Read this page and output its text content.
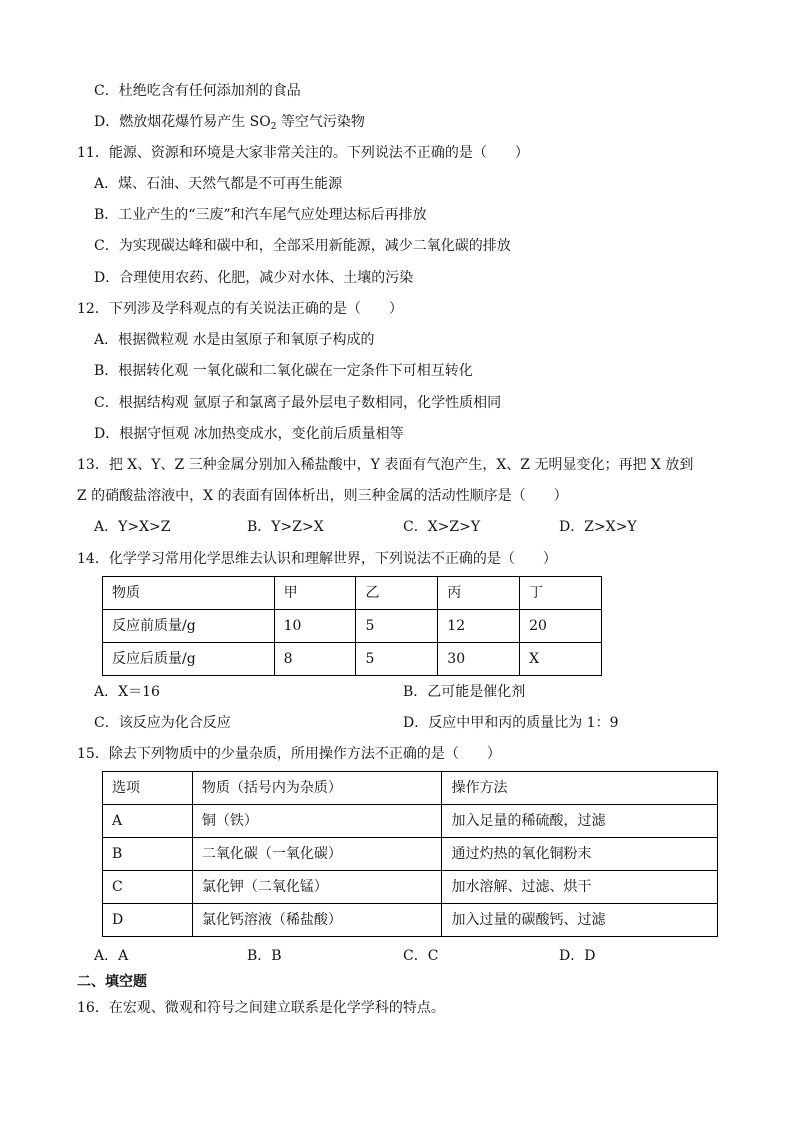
C．杜绝吃含有任何添加剂的食品
D．燃放烟花爆竹易产生 $SO_2$ 等空气污染物
11．能源、资源和环境是大家非常关注的。下列说法不正确的是（　　）
A．煤、石油、天然气都是不可再生能源
B．工业产生的“三废”和汽车尾气应处理达标后再排放
C．为实现碳达峰和碳中和，全部采用新能源，减少二氧化碳的排放
D．合理使用农药、化肥，减少对水体、土壤的污染
12．下列涉及学科观点的有关说法正确的是（　　）
A．根据微粒观 水是由氢原子和氧原子构成的
B．根据转化观 一氧化碳和二氧化碳在一定条件下可相互转化
C．根据结构观 氩原子和氯离子最外层电子数相同，化学性质相同
D．根据守恒观 冰加热变成水，变化前后质量相等
13．把 X、Y、Z 三种金属分别加入稀盐酸中，Y 表面有气泡产生，X、Z 无明显变化；再把 X 放到
Z 的硝酸盐溶液中，X 的表面有固体析出，则三种金属的活动性顺序是（　　）
A．Y>X>Z	B．Y>Z>X	C．X>Z>Y	D．Z>X>Y
14．化学学习常用化学思维去认识和理解世界，下列说法不正确的是（　　）
物质	甲	乙	丙	丁
反应前质量/g	10	5	12	20
反应后质量/g	8	5	30	X
A．X＝16	B．乙可能是催化剂
C．该反应为化合反应	D．反应中甲和丙的质量比为 1：9
15．除去下列物质中的少量杂质，所用操作方法不正确的是（　　）
选项	物质（括号内为杂质）	操作方法
A	铜（铁）	加入足量的稀硫酸，过滤
B	二氧化碳（一氧化碳）	通过灼热的氧化铜粉末
C	氯化钾（二氧化锰）	加水溶解、过滤、烘干
D	氯化钙溶液（稀盐酸）	加入过量的碳酸钙、过滤
A．A	B．B	C．C	D．D
二、填空题
16．在宏观、微观和符号之间建立联系是化学学科的特点。
